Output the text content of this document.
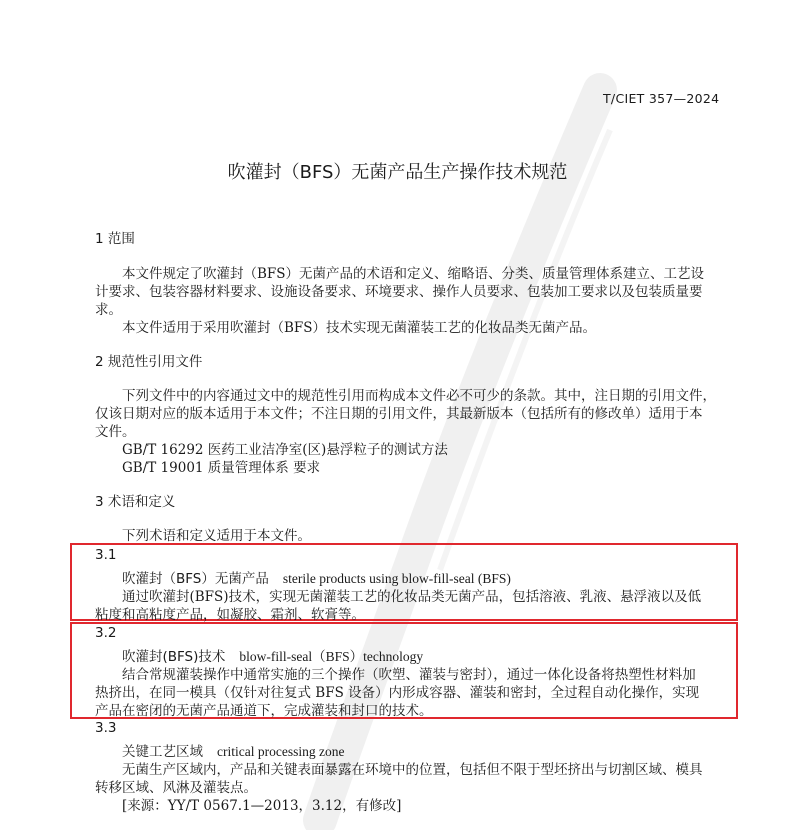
T/CIET 357—2024
吹灌封（BFS）无菌产品生产操作技术规范
1 范围
本文件规定了吹灌封（BFS）无菌产品的术语和定义、缩略语、分类、质量管理体系建立、工艺设
计要求、包装容器材料要求、设施设备要求、环境要求、操作人员要求、包装加工要求以及包装质量要
求。
本文件适用于采用吹灌封（BFS）技术实现无菌灌装工艺的化妆品类无菌产品。
2 规范性引用文件
下列文件中的内容通过文中的规范性引用而构成本文件必不可少的条款。其中，注日期的引用文件，
仅该日期对应的版本适用于本文件；不注日期的引用文件，其最新版本（包括所有的修改单）适用于本
文件。
GB/T 16292 医药工业洁净室(区)悬浮粒子的测试方法
GB/T 19001 质量管理体系 要求
3 术语和定义
下列术语和定义适用于本文件。
3.1
吹灌封（BFS）无菌产品 sterile products using blow-fill-seal (BFS)
通过吹灌封(BFS)技术，实现无菌灌装工艺的化妆品类无菌产品，包括溶液、乳液、悬浮液以及低
粘度和高粘度产品，如凝胶、霜剂、软膏等。
3.2
吹灌封(BFS)技术 blow-fill-seal（BFS）technology
结合常规灌装操作中通常实施的三个操作（吹塑、灌装与密封），通过一体化设备将热塑性材料加
热挤出，在同一模具（仅针对往复式 BFS 设备）内形成容器、灌装和密封，全过程自动化操作，实现
产品在密闭的无菌产品通道下，完成灌装和封口的技术。
3.3
关键工艺区域 critical processing zone
无菌生产区域内，产品和关键表面暴露在环境中的位置，包括但不限于型坯挤出与切割区域、模具
转移区域、风淋及灌装点。
[来源：YY/T 0567.1—2013，3.12，有修改]
